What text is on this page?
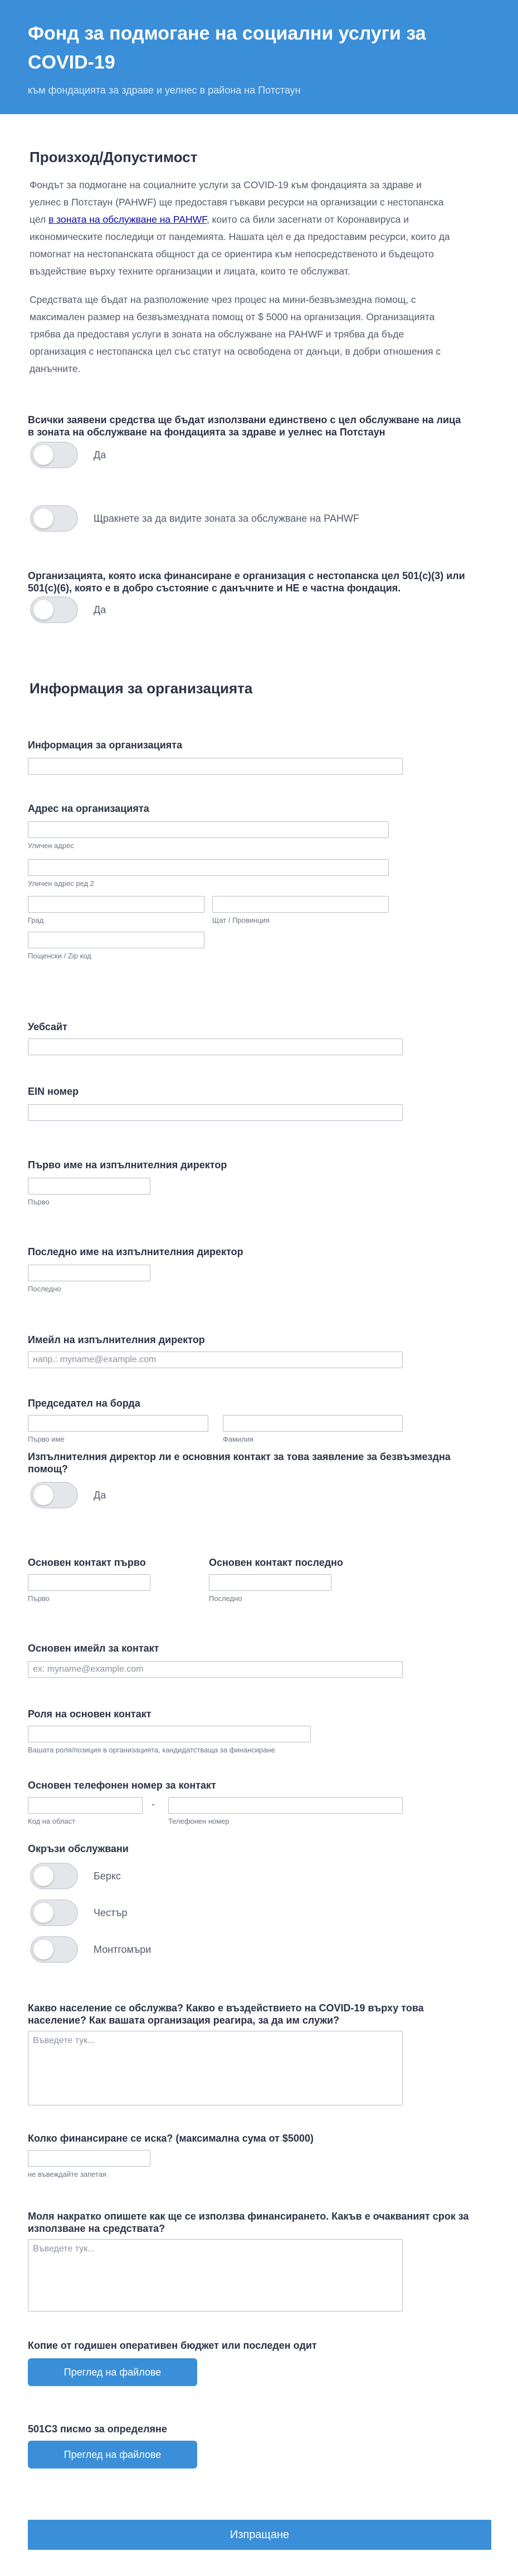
Фонд за подмогане на социални услуги за
COVID-19
към фондацията за здраве и уелнес в района на Потстаун
Произход/Допустимост
Фондът за подмогане на социалните услуги за COVID-19 към фондацията за здраве и
уелнес в Потстаун (PAHWF) ще предоставя гъвкави ресурси на организации с нестопанска
цел в зоната на обслужване на PAHWF, които са били засегнати от Коронавируса и
икономическите последици от пандемията. Нашата цел е да предоставим ресурси, които да
помогнат на нестопанската общност да се ориентира към непосредственото и бъдещото
въздействие върху техните организации и лицата, които те обслужват.
Средствата ще бъдат на разположение чрез процес на мини-безвъзмездна помощ, с
максимален размер на безвъзмездната помощ от $ 5000 на организация. Организацията
трябва да предоставя услуги в зоната на обслужване на PAHWF и трябва да бъде
организация с нестопанска цел със статут на освободена от данъци, в добри отношения с
данъчните.
Всички заявени средства ще бъдат използвани единствено с цел обслужване на лица
в зоната на обслужване на фондацията за здраве и уелнес на Потстаун
Да
Щракнете за да видите зоната за обслужване на PAHWF
Организацията, която иска финансиране е организация с нестопанска цел 501(c)(3) или
501(c)(6), която е в добро състояние с данъчните и НЕ е частна фондация.
Да
Информация за организацията
Информация за организацията
Адрес на организацията
Уличен адрес
Уличен адрес ред 2
Град	Щат / Провинция
Пощенски / Zip код
Уебсайт
EIN номер
Първо име на изпълнителния директор
Първо
Последно име на изпълнителния директор
Последно
Имейл на изпълнителния директор
напр.: myname@example.com
Председател на борда
Първо име	Фамилия
Изпълнителния директор ли е основния контакт за това заявление за безвъзмездна
помощ?
Да
Основен контакт първо
Първо
Основен контакт последно
Последно
Основен имейл за контакт
ex: myname@example.com
Роля на основен контакт
Вашата роля/позиция в организацията, кандидатстваща за финансиране
Основен телефонен номер за контакт
Код на област
-
Телефонен номер
Окръзи обслужвани
Беркс
Честър
Монтгомъри
Какво население се обслужва? Какво е въздействието на COVID-19 върху това
население? Как вашата организация реагира, за да им служи?
Въведете тук...
Колко финансиране се иска? (максимална сума от $5000)
не въвеждайте запетая
Моля накратко опишете как ще се използва финансирането. Какъв е очакваният срок за
използване на средствата?
Въведете тук...
Копие от годишен оперативен бюджет или последен одит
Преглед на файлове
501C3 писмо за определяне
Преглед на файлове
Изпращане
